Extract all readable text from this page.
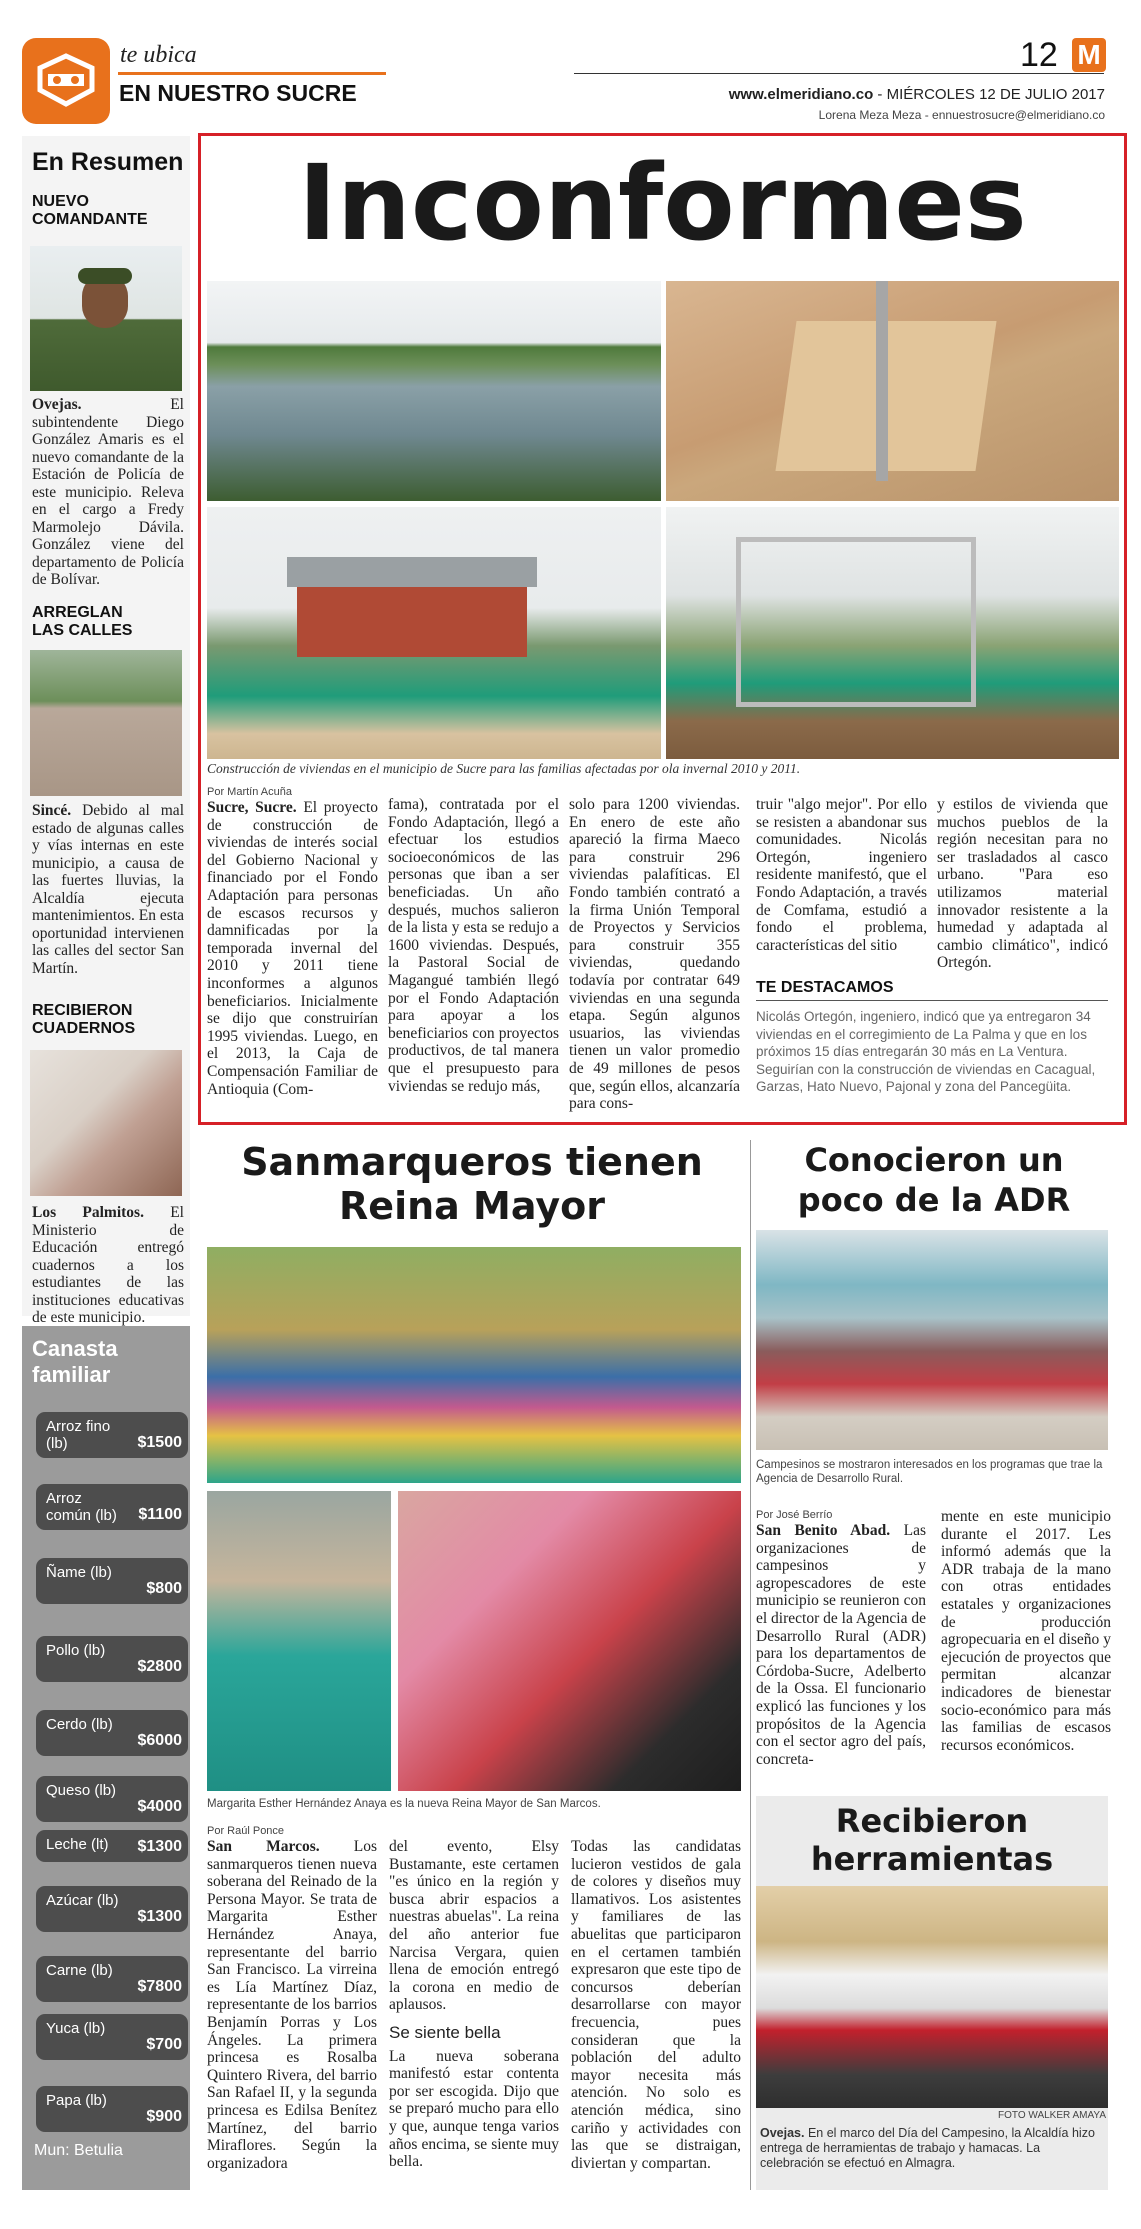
te ubica
EN NUESTRO SUCRE
12 M
www.elmeridiano.co - MIÉRCOLES 12 DE JULIO 2017
Lorena Meza Meza - ennuestrosucre@elmeridiano.co
En Resumen
NUEVO COMANDANTE
Ovejas. El subintendente Diego González Amaris es el nuevo comandante de la Estación de Policía de este municipio. Releva en el cargo a Fredy Marmolejo Dávila. González viene del departamento de Policía de Bolívar.
ARREGLAN LAS CALLES
Sincé. Debido al mal estado de algunas calles y vías internas en este municipio, a causa de las fuertes lluvias, la Alcaldía ejecuta mantenimientos. En esta oportunidad intervienen las calles del sector San Martín.
RECIBIERON CUADERNOS
Los Palmitos. El Ministerio de Educación entregó cuadernos a los estudiantes de las instituciones educativas de este municipio.
Canasta familiar
Arroz fino (lb)	$1500
Arroz común (lb)	$1100
Ñame (lb)
$800
Pollo (lb)
$2800
Cerdo (lb)
$6000
Queso (lb)
$4000
Leche (lt)	$1300
Azúcar (lb)
$1300
Carne (lb)
$7800
Yuca (lb)
$700
Papa (lb)
$900
Mun: Betulia
Inconformes
Construcción de viviendas en el municipio de Sucre para las familias afectadas por ola invernal 2010 y 2011.
Por Martín Acuña
Sucre, Sucre. El proyecto de construcción de viviendas de interés social del Gobierno Nacional y financiado por el Fondo Adaptación para personas de escasos recursos y damnificadas por la temporada invernal del 2010 y 2011 tiene inconformes a algunos beneficiarios. Inicialmente se dijo que construirían 1995 viviendas. Luego, en el 2013, la Caja de Compensación Familiar de Antioquia (Com-
fama), contratada por el Fondo Adaptación, llegó a efectuar los estudios socioeconómicos de las personas que iban a ser beneficiadas. Un año después, muchos salieron de la lista y esta se redujo a 1600 viviendas. Después, la Pastoral Social de Magangué también llegó por el Fondo Adaptación para apoyar a los beneficiarios con proyectos productivos, de tal manera que el presupuesto para viviendas se redujo más,
solo para 1200 viviendas. En enero de este año apareció la firma Maeco para construir 296 viviendas palafíticas. El Fondo también contrató a la firma Unión Temporal de Proyectos y Servicios para construir 355 viviendas, quedando todavía por contratar 649 viviendas en una segunda etapa. Según algunos usuarios, las viviendas tienen un valor promedio de 49 millones de pesos que, según ellos, alcanzaría para cons-
truir "algo mejor". Por ello se resisten a abandonar sus comunidades. Nicolás Ortegón, ingeniero residente manifestó, que el Fondo Adaptación, a través de Comfama, estudió a fondo el problema, características del sitio
y estilos de vivienda que muchos pueblos de la región necesitan para no ser trasladados al casco urbano. "Para eso utilizamos material innovador resistente a la humedad y adaptada al cambio climático", indicó Ortegón.
TE DESTACAMOS
Nicolás Ortegón, ingeniero, indicó que ya entregaron 34 viviendas en el corregimiento de La Palma y que en los próximos 15 días entregarán 30 más en La Ventura. Seguirían con la construcción de viviendas en Cacagual, Garzas, Hato Nuevo, Pajonal y zona del Pancegüita.
Sanmarqueros tienen
Reina Mayor
Margarita Esther Hernández Anaya es la nueva Reina Mayor de San Marcos.
Por Raúl Ponce
San Marcos. Los sanmarqueros tienen nueva soberana del Reinado de la Persona Mayor. Se trata de Margarita Esther Hernández Anaya, representante del barrio San Francisco. La virreina es Lía Martínez Díaz, representante de los barrios Benjamín Porras y Los Ángeles. La primera princesa es Rosalba Quintero Rivera, del barrio San Rafael II, y la segunda princesa es Edilsa Benítez Martínez, del barrio Miraflores. Según la organizadora

del evento, Elsy Bustamante, este certamen "es único en la región y busca abrir espacios a nuestras abuelas". La reina del año anterior fue Narcisa Vergara, quien llena de emoción entregó la corona en medio de aplausos.

Se siente bella

La nueva soberana manifestó estar contenta por ser escogida. Dijo que se preparó mucho para ello y que, aunque tenga varios años encima, se siente muy bella.

Todas las candidatas lucieron vestidos de gala de colores y diseños muy llamativos. Los asistentes y familiares de las abuelitas que participaron en el certamen también expresaron que este tipo de concursos deberían desarrollarse con mayor frecuencia, pues consideran que la población del adulto mayor necesita más atención. No solo es atención médica, sino cariño y actividades con las que se distraigan, diviertan y compartan.
Conocieron un
poco de la ADR
Campesinos se mostraron interesados en los programas que trae la Agencia de Desarrollo Rural.
Por José Berrío
San Benito Abad. Las organizaciones de campesinos y agropescadores de este municipio se reunieron con el director de la Agencia de Desarrollo Rural (ADR) para los departamentos de Córdoba-Sucre, Adelberto de la Ossa. El funcionario explicó las funciones y los propósitos de la Agencia con el sector agro del país, concreta-
mente en este municipio durante el 2017. Les informó además que la ADR trabaja de la mano con otras entidades estatales y organizaciones de producción agropecuaria en el diseño y ejecución de proyectos que permitan alcanzar indicadores de bienestar socio-económico para más las familias de escasos recursos económicos.
Recibieron
herramientas
FOTO WALKER AMAYA
Ovejas. En el marco del Día del Campesino, la Alcaldía hizo entrega de herramientas de trabajo y hamacas. La celebración se efectuó en Almagra.
